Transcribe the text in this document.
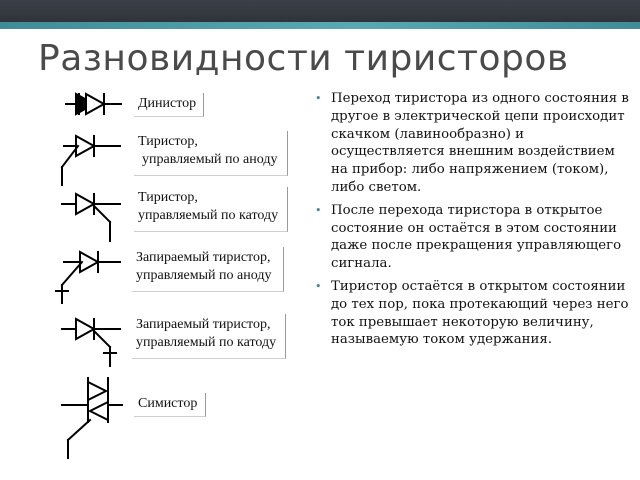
Разновидности тиристоров
Динистор
Тиристор,
управляемый по аноду
Тиристор,
управляемый по катоду
Запираемый тиристор,
управляемый по аноду
Запираемый тиристор,
управляемый по катоду
Симистор
• Переход тиристора из одного состояния в другое в электрической цепи происходит скачком (лавинообразно) и осуществляется внешним воздействием на прибор: либо напряжением (током), либо светом.
• После перехода тиристора в открытое состояние он остаётся в этом состоянии даже после прекращения управляющего сигнала.
• Тиристор остаётся в открытом состоянии до тех пор, пока протекающий через него ток превышает некоторую величину, называемую током удержания.
